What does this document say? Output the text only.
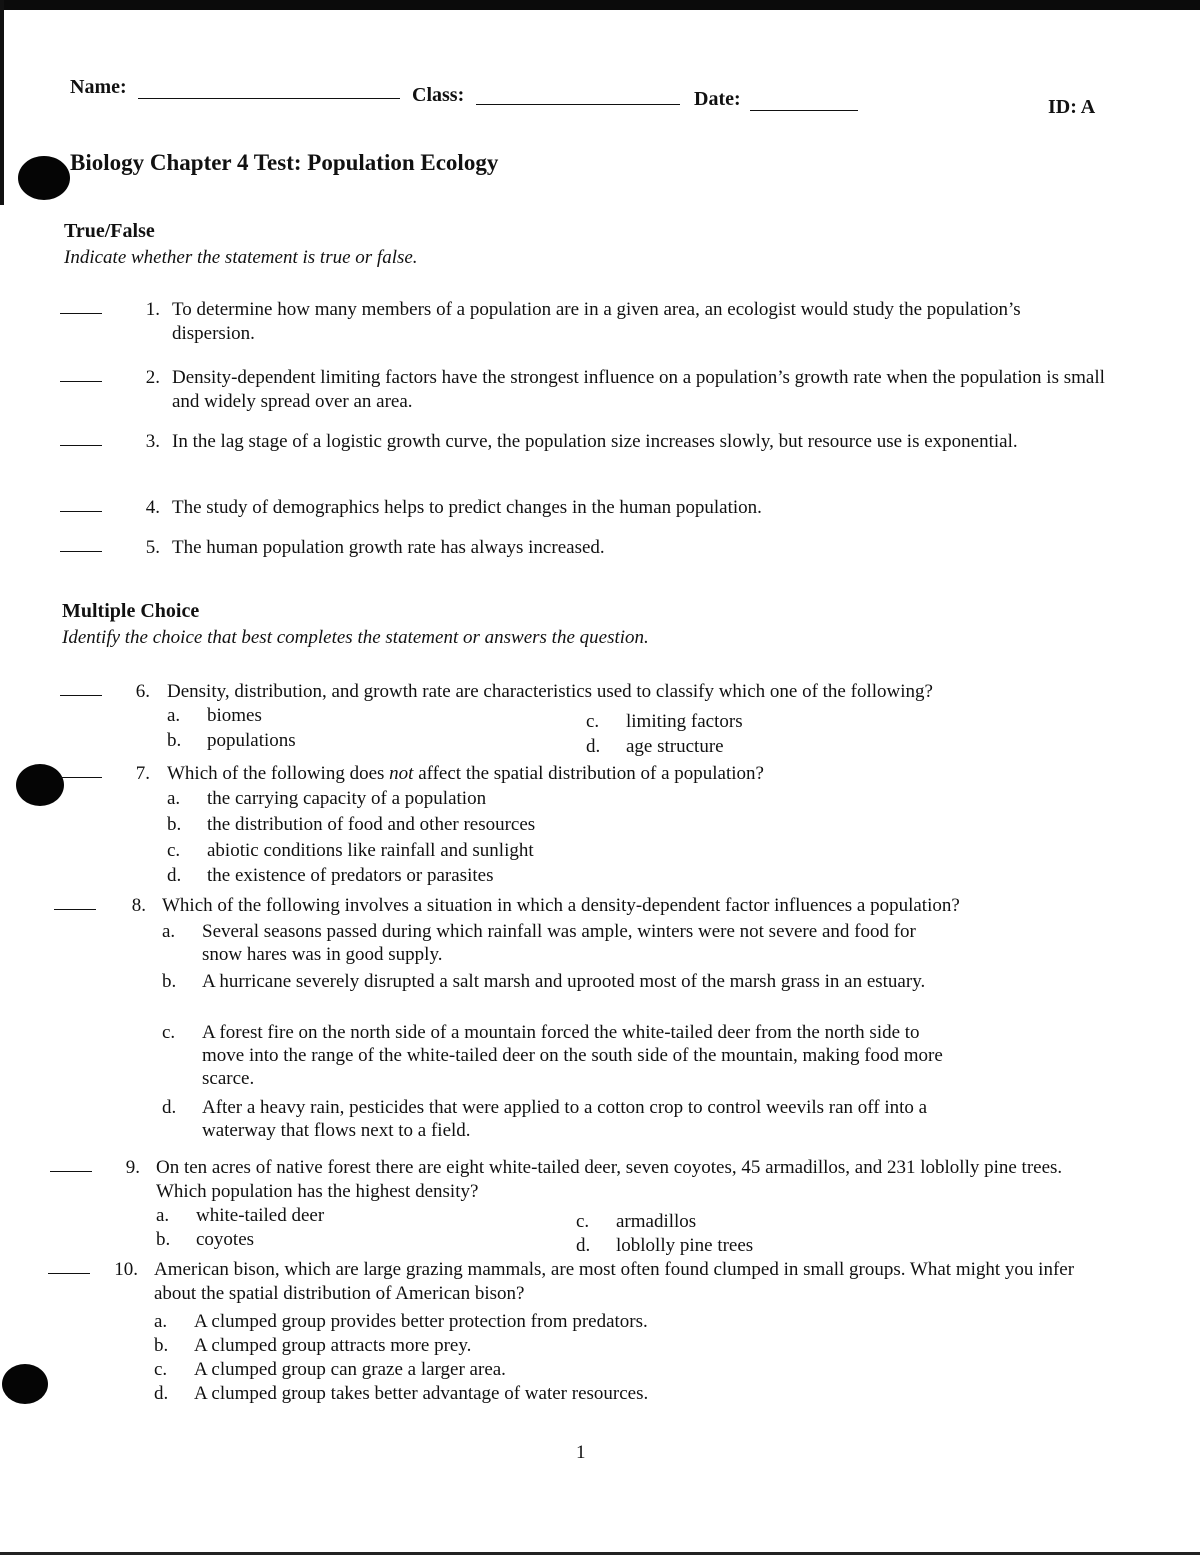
Name:	Class:	Date:	ID: A
Biology Chapter 4 Test: Population Ecology
True/False
Indicate whether the statement is true or false.
1. To determine how many members of a population are in a given area, an ecologist would study the population’s dispersion.
2. Density-dependent limiting factors have the strongest influence on a population’s growth rate when the population is small and widely spread over an area.
3. In the lag stage of a logistic growth curve, the population size increases slowly, but resource use is exponential.
4. The study of demographics helps to predict changes in the human population.
5. The human population growth rate has always increased.
Multiple Choice
Identify the choice that best completes the statement or answers the question.
6. Density, distribution, and growth rate are characteristics used to classify which one of the following?
a. biomes
b. populations
c. limiting factors
d. age structure
7. Which of the following does not affect the spatial distribution of a population?
a. the carrying capacity of a population
b. the distribution of food and other resources
c. abiotic conditions like rainfall and sunlight
d. the existence of predators or parasites
8. Which of the following involves a situation in which a density-dependent factor influences a population?
a. Several seasons passed during which rainfall was ample, winters were not severe and food for snow hares was in good supply.
b. A hurricane severely disrupted a salt marsh and uprooted most of the marsh grass in an estuary.
c. A forest fire on the north side of a mountain forced the white-tailed deer from the north side to move into the range of the white-tailed deer on the south side of the mountain, making food more scarce.
d. After a heavy rain, pesticides that were applied to a cotton crop to control weevils ran off into a waterway that flows next to a field.
9. On ten acres of native forest there are eight white-tailed deer, seven coyotes, 45 armadillos, and 231 loblolly pine trees. Which population has the highest density?
a. white-tailed deer
b. coyotes
c. armadillos
d. loblolly pine trees
10. American bison, which are large grazing mammals, are most often found clumped in small groups. What might you infer about the spatial distribution of American bison?
a. A clumped group provides better protection from predators.
b. A clumped group attracts more prey.
c. A clumped group can graze a larger area.
d. A clumped group takes better advantage of water resources.
1
